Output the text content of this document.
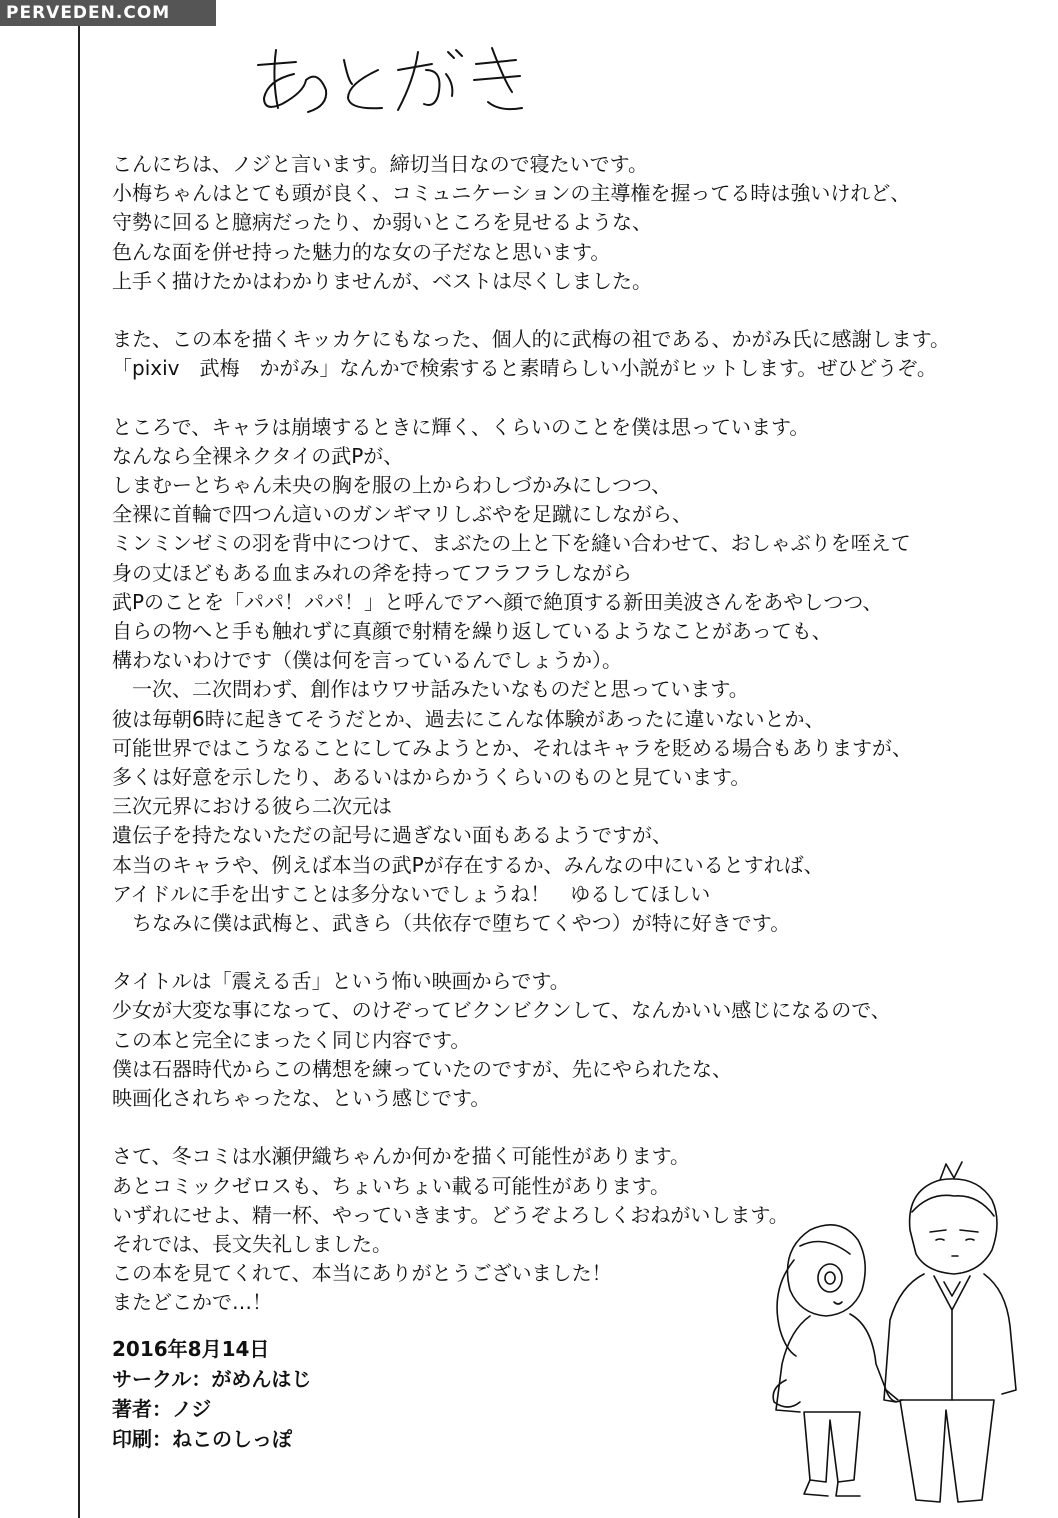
PERVEDEN.COM
こんにちは、ノジと言います。締切当日なので寝たいです。
小梅ちゃんはとても頭が良く、コミュニケーションの主導権を握ってる時は強いけれど、
守勢に回ると臆病だったり、か弱いところを見せるような、
色んな面を併せ持った魅力的な女の子だなと思います。
上手く描けたかはわかりませんが、ベストは尽くしました。
また、この本を描くキッカケにもなった、個人的に武梅の祖である、かがみ氏に感謝します。
「pixiv　武梅　かがみ」なんかで検索すると素晴らしい小説がヒットします。ぜひどうぞ。
ところで、キャラは崩壊するときに輝く、くらいのことを僕は思っています。
なんなら全裸ネクタイの武Pが、
しまむーとちゃん未央の胸を服の上からわしづかみにしつつ、
全裸に首輪で四つん這いのガンギマリしぶやを足蹴にしながら、
ミンミンゼミの羽を背中につけて、まぶたの上と下を縫い合わせて、おしゃぶりを咥えて
身の丈ほどもある血まみれの斧を持ってフラフラしながら
武Pのことを「パパ！パパ！」と呼んでアヘ顔で絶頂する新田美波さんをあやしつつ、
自らの物へと手も触れずに真顔で射精を繰り返しているようなことがあっても、
構わないわけです（僕は何を言っているんでしょうか）。
　一次、二次問わず、創作はウワサ話みたいなものだと思っています。
彼は毎朝6時に起きてそうだとか、過去にこんな体験があったに違いないとか、
可能世界ではこうなることにしてみようとか、それはキャラを貶める場合もありますが、
多くは好意を示したり、あるいはからかうくらいのものと見ています。
三次元界における彼ら二次元は
遺伝子を持たないただの記号に過ぎない面もあるようですが、
本当のキャラや、例えば本当の武Pが存在するか、みんなの中にいるとすれば、
アイドルに手を出すことは多分ないでしょうね！　ゆるしてほしい
　ちなみに僕は武梅と、武きら（共依存で堕ちてくやつ）が特に好きです。
タイトルは「震える舌」という怖い映画からです。
少女が大変な事になって、のけぞってビクンビクンして、なんかいい感じになるので、
この本と完全にまったく同じ内容です。
僕は石器時代からこの構想を練っていたのですが、先にやられたな、
映画化されちゃったな、という感じです。
さて、冬コミは水瀬伊織ちゃんか何かを描く可能性があります。
あとコミックゼロスも、ちょいちょい載る可能性があります。
いずれにせよ、精一杯、やっていきます。どうぞよろしくおねがいします。
それでは、長文失礼しました。
この本を見てくれて、本当にありがとうございました！
またどこかで…！
2016年8月14日
サークル：がめんはじ
著者：ノジ
印刷：ねこのしっぽ
